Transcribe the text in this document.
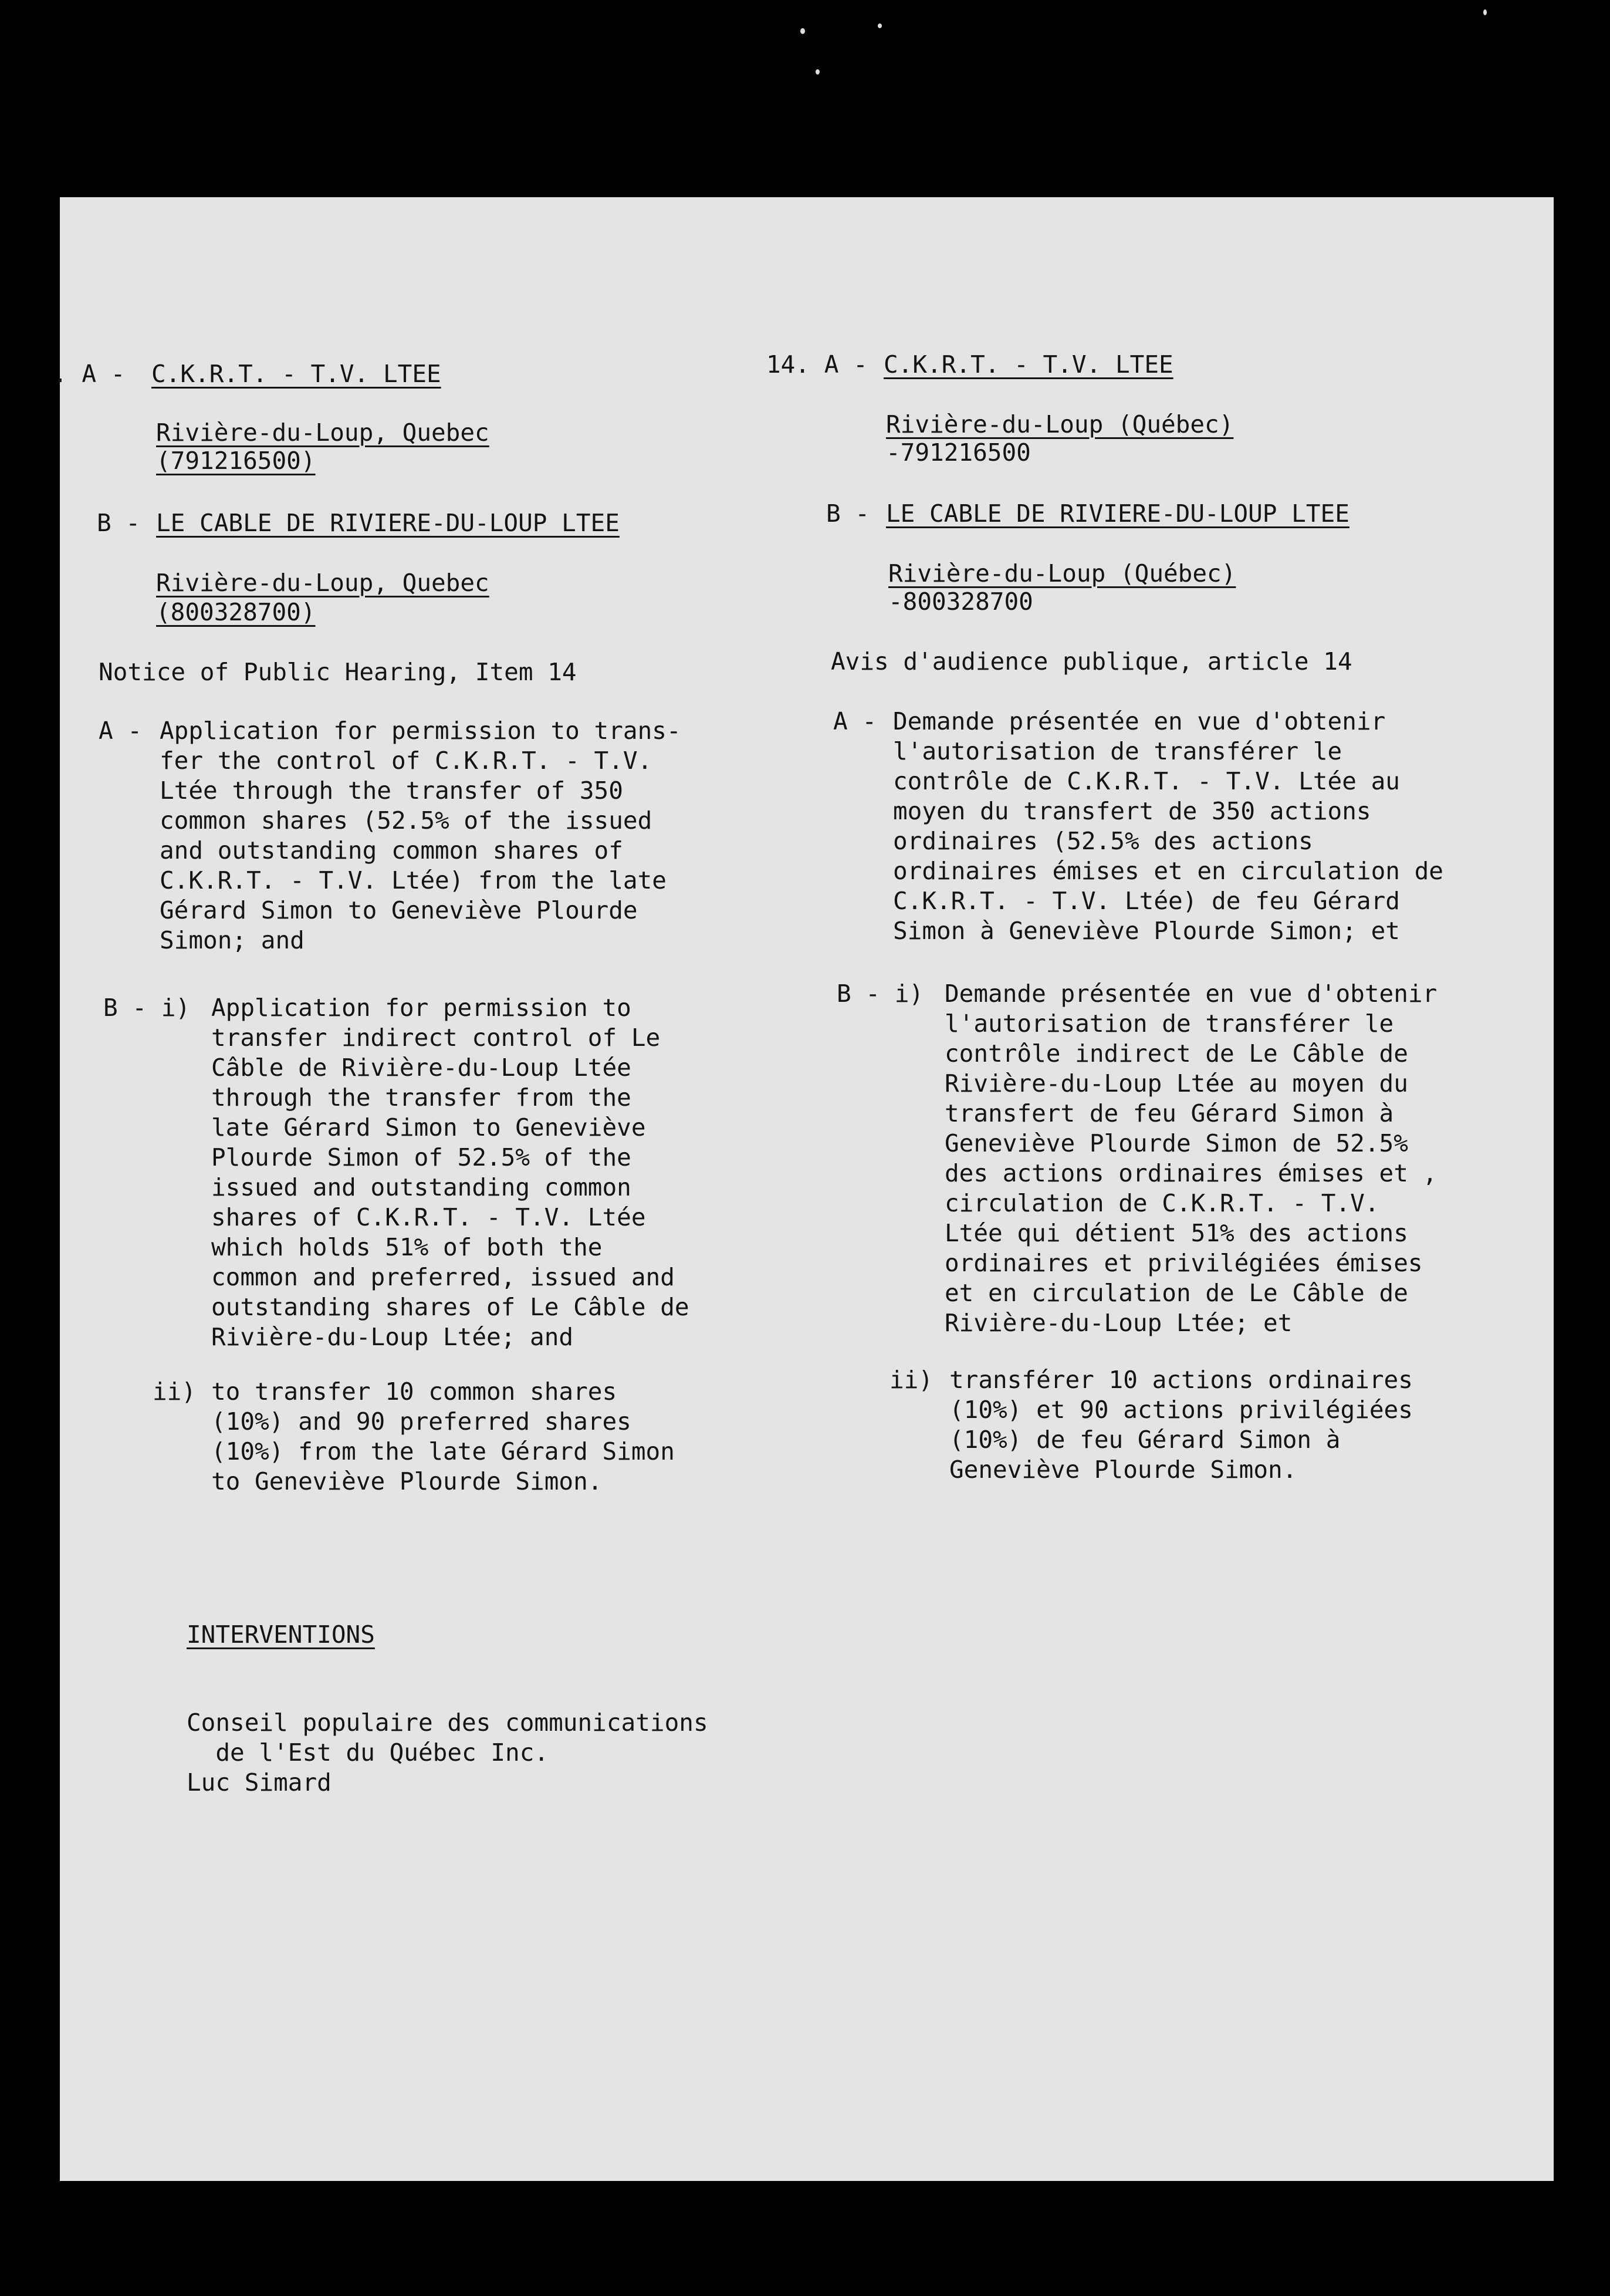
. A - C.K.R.T. - T.V. LTEE
Rivière-du-Loup, Quebec
(791216500)
B - LE CABLE DE RIVIERE-DU-LOUP LTEE
Rivière-du-Loup, Quebec
(800328700)
Notice of Public Hearing, Item 14
A - Application for permission to trans-
fer the control of C.K.R.T. - T.V.
Ltée through the transfer of 350
common shares (52.5% of the issued
and outstanding common shares of
C.K.R.T. - T.V. Ltée) from the late
Gérard Simon to Geneviève Plourde
Simon; and
B - i) Application for permission to
transfer indirect control of Le
Câble de Rivière-du-Loup Ltée
through the transfer from the
late Gérard Simon to Geneviève
Plourde Simon of 52.5% of the
issued and outstanding common
shares of C.K.R.T. - T.V. Ltée
which holds 51% of both the
common and preferred, issued and
outstanding shares of Le Câble de
Rivière-du-Loup Ltée; and
ii) to transfer 10 common shares
(10%) and 90 preferred shares
(10%) from the late Gérard Simon
to Geneviève Plourde Simon.
14. A - C.K.R.T. - T.V. LTEE
Rivière-du-Loup (Québec)
-791216500
B - LE CABLE DE RIVIERE-DU-LOUP LTEE
Rivière-du-Loup (Québec)
-800328700
Avis d'audience publique, article 14
A - Demande présentée en vue d'obtenir
l'autorisation de transférer le
contrôle de C.K.R.T. - T.V. Ltée au
moyen du transfert de 350 actions
ordinaires (52.5% des actions
ordinaires émises et en circulation de
C.K.R.T. - T.V. Ltée) de feu Gérard
Simon à Geneviève Plourde Simon; et
B - i) Demande présentée en vue d'obtenir
l'autorisation de transférer le
contrôle indirect de Le Câble de
Rivière-du-Loup Ltée au moyen du
transfert de feu Gérard Simon à
Geneviève Plourde Simon de 52.5%
des actions ordinaires émises et ,
circulation de C.K.R.T. - T.V.
Ltée qui détient 51% des actions
ordinaires et privilégiées émises
et en circulation de Le Câble de
Rivière-du-Loup Ltée; et
ii) transférer 10 actions ordinaires
(10%) et 90 actions privilégiées
(10%) de feu Gérard Simon à
Geneviève Plourde Simon.
INTERVENTIONS
Conseil populaire des communications
de l'Est du Québec Inc.
Luc Simard
